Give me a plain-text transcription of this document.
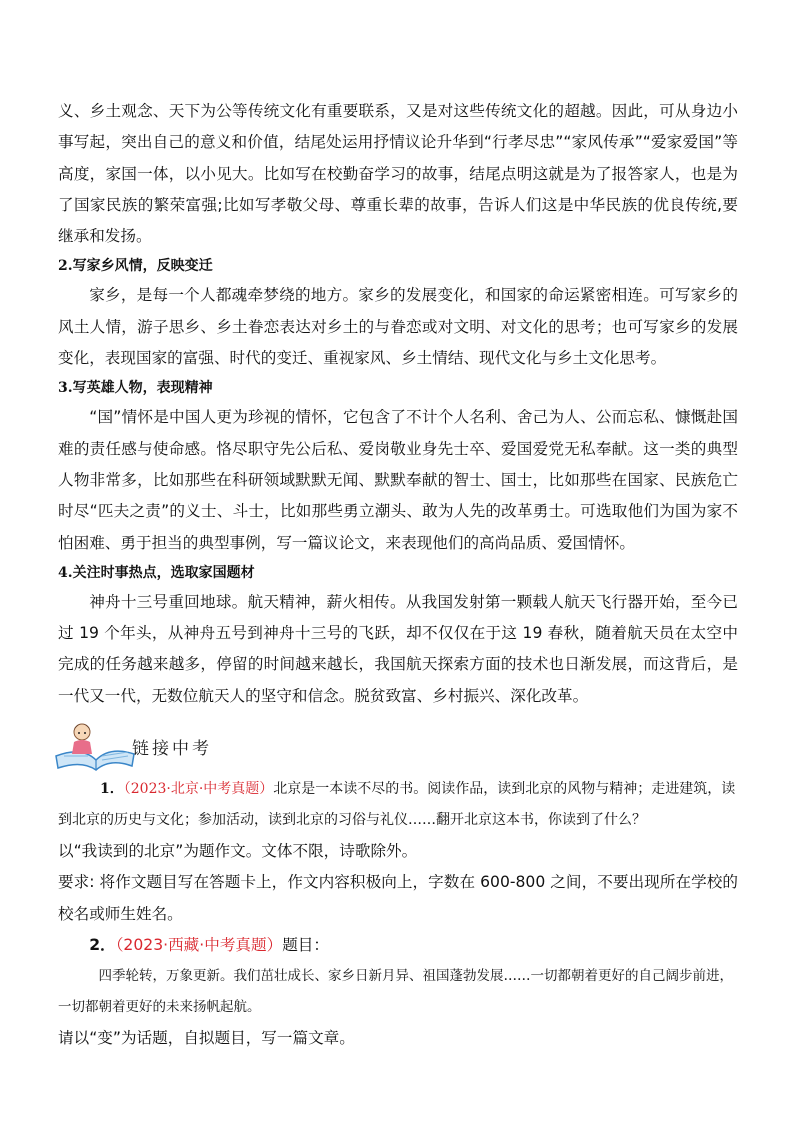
义、乡土观念、天下为公等传统文化有重要联系，又是对这些传统文化的超越。因此，可从身边小事写起，突出自己的意义和价值，结尾处运用抒情议论升华到“行孝尽忠”“家风传承”“爱家爱国”等高度，家国一体，以小见大。比如写在校勤奋学习的故事，结尾点明这就是为了报答家人，也是为了国家民族的繁荣富强;比如写孝敬父母、尊重长辈的故事，告诉人们这是中华民族的优良传统,要继承和发扬。

2.写家乡风情，反映变迁

家乡，是每一个人都魂牵梦绕的地方。家乡的发展变化，和国家的命运紧密相连。可写家乡的风土人情，游子思乡、乡土眷恋表达对乡土的与眷恋或对文明、对文化的思考；也可写家乡的发展变化，表现国家的富强、时代的变迁、重视家风、乡土情结、现代文化与乡土文化思考。

3.写英雄人物，表现精神

“国”情怀是中国人更为珍视的情怀，它包含了不计个人名利、舍己为人、公而忘私、慷慨赴国难的责任感与使命感。恪尽职守先公后私、爱岗敬业身先士卒、爱国爱党无私奉献。这一类的典型人物非常多，比如那些在科研领域默默无闻、默默奉献的智士、国士，比如那些在国家、民族危亡时尽“匹夫之责”的义士、斗士，比如那些勇立潮头、敢为人先的改革勇士。可选取他们为国为家不怕困难、勇于担当的典型事例，写一篇议论文，来表现他们的高尚品质、爱国情怀。

4.关注时事热点，选取家国题材

神舟十三号重回地球。航天精神，薪火相传。从我国发射第一颗载人航天飞行器开始，至今已过 19 个年头，从神舟五号到神舟十三号的飞跃，却不仅仅在于这 19 春秋，随着航天员在太空中完成的任务越来越多，停留的时间越来越长，我国航天探索方面的技术也日渐发展，而这背后，是一代又一代，无数位航天人的坚守和信念。脱贫致富、乡村振兴、深化改革。

链接中考

1．（2023·北京·中考真题）北京是一本读不尽的书。阅读作品，读到北京的风物与精神；走进建筑，读到北京的历史与文化；参加活动，读到北京的习俗与礼仪……翻开北京这本书，你读到了什么？

以“我读到的北京”为题作文。文体不限，诗歌除外。

要求: 将作文题目写在答题卡上，作文内容积极向上，字数在 600-800 之间，不要出现所在学校的校名或师生姓名。

2．（2023·西藏·中考真题）题目：

四季轮转，万象更新。我们茁壮成长、家乡日新月异、祖国蓬勃发展……一切都朝着更好的自己阔步前进，一切都朝着更好的未来扬帆起航。

请以“变”为话题，自拟题目，写一篇文章。
